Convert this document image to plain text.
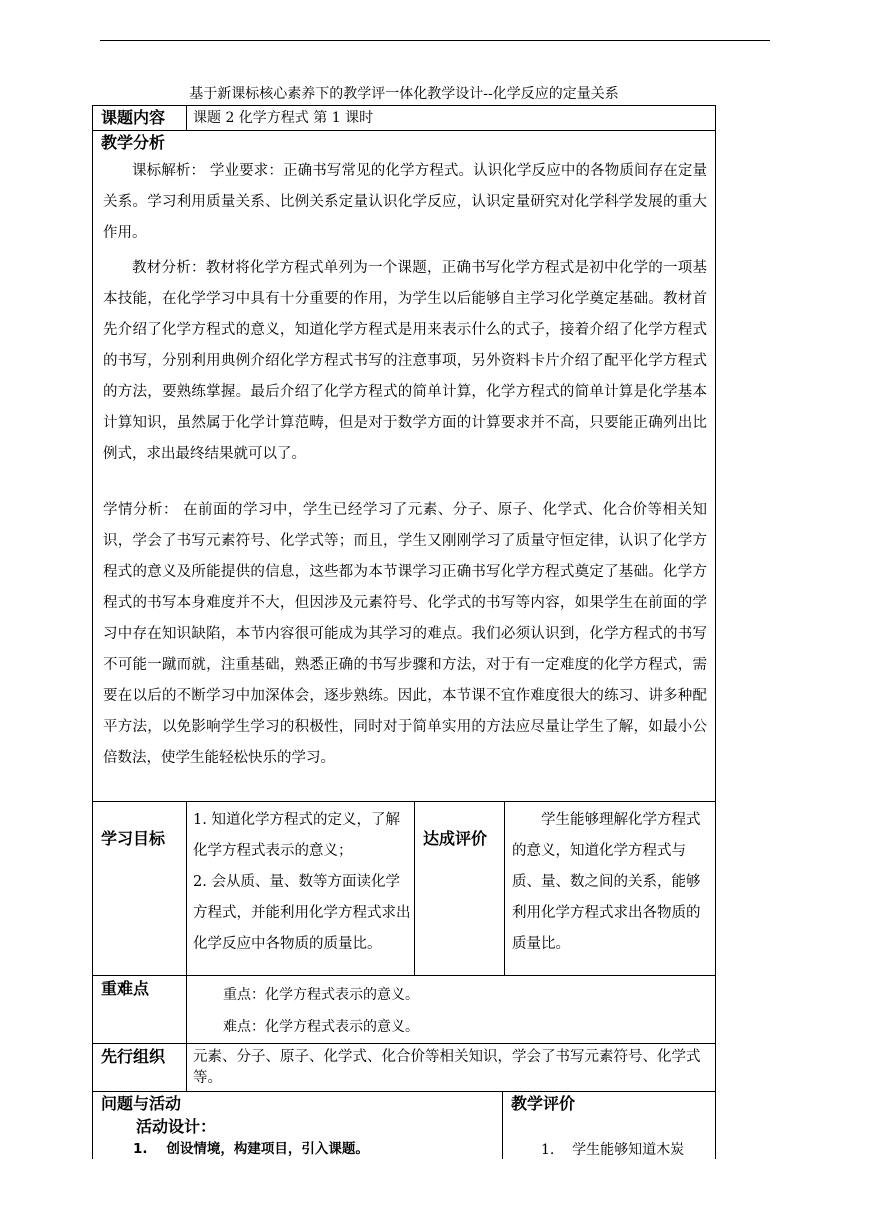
基于新课标核心素养下的教学评一体化教学设计--化学反应的定量关系
课题内容 课题 2 化学方程式 第 1 课时
教学分析
课标解析： 学业要求：正确书写常见的化学方程式。认识化学反应中的各物质间存在定量关系。学习利用质量关系、比例关系定量认识化学反应，认识定量研究对化学科学发展的重大作用。
教材分析：教材将化学方程式单列为一个课题，正确书写化学方程式是初中化学的一项基本技能，在化学学习中具有十分重要的作用，为学生以后能够自主学习化学奠定基础。教材首先介绍了化学方程式的意义，知道化学方程式是用来表示什么的式子，接着介绍了化学方程式的书写，分别利用典例介绍化学方程式书写的注意事项，另外资料卡片介绍了配平化学方程式的方法，要熟练掌握。最后介绍了化学方程式的简单计算，化学方程式的简单计算是化学基本计算知识，虽然属于化学计算范畴，但是对于数学方面的计算要求并不高，只要能正确列出比例式，求出最终结果就可以了。
学情分析： 在前面的学习中，学生已经学习了元素、分子、原子、化学式、化合价等相关知识，学会了书写元素符号、化学式等；而且，学生又刚刚学习了质量守恒定律，认识了化学方程式的意义及所能提供的信息，这些都为本节课学习正确书写化学方程式奠定了基础。化学方程式的书写本身难度并不大，但因涉及元素符号、化学式的书写等内容，如果学生在前面的学习中存在知识缺陷，本节内容很可能成为其学习的难点。我们必须认识到，化学方程式的书写不可能一蹴而就，注重基础，熟悉正确的书写步骤和方法，对于有一定难度的化学方程式，需要在以后的不断学习中加深体会，逐步熟练。因此，本节课不宜作难度很大的练习、讲多种配平方法，以免影响学生学习的积极性，同时对于简单实用的方法应尽量让学生了解，如最小公倍数法，使学生能轻松快乐的学习。
学习目标
1. 知道化学方程式的定义，了解化学方程式表示的意义；
2. 会从质、量、数等方面读化学方程式，并能利用化学方程式求出化学反应中各物质的质量比。
达成评价
学生能够理解化学方程式的意义，知道化学方程式与质、量、数之间的关系，能够利用化学方程式求出各物质的质量比。
重难点	重点：化学方程式表示的意义。
难点：化学方程式表示的意义。
先行组织 元素、分子、原子、化学式、化合价等相关知识，学会了书写元素符号、化学式等。
问题与活动
活动设计：
1.    创设情境，构建项目，引入课题。
教学评价
1.    学生能够知道木炭
